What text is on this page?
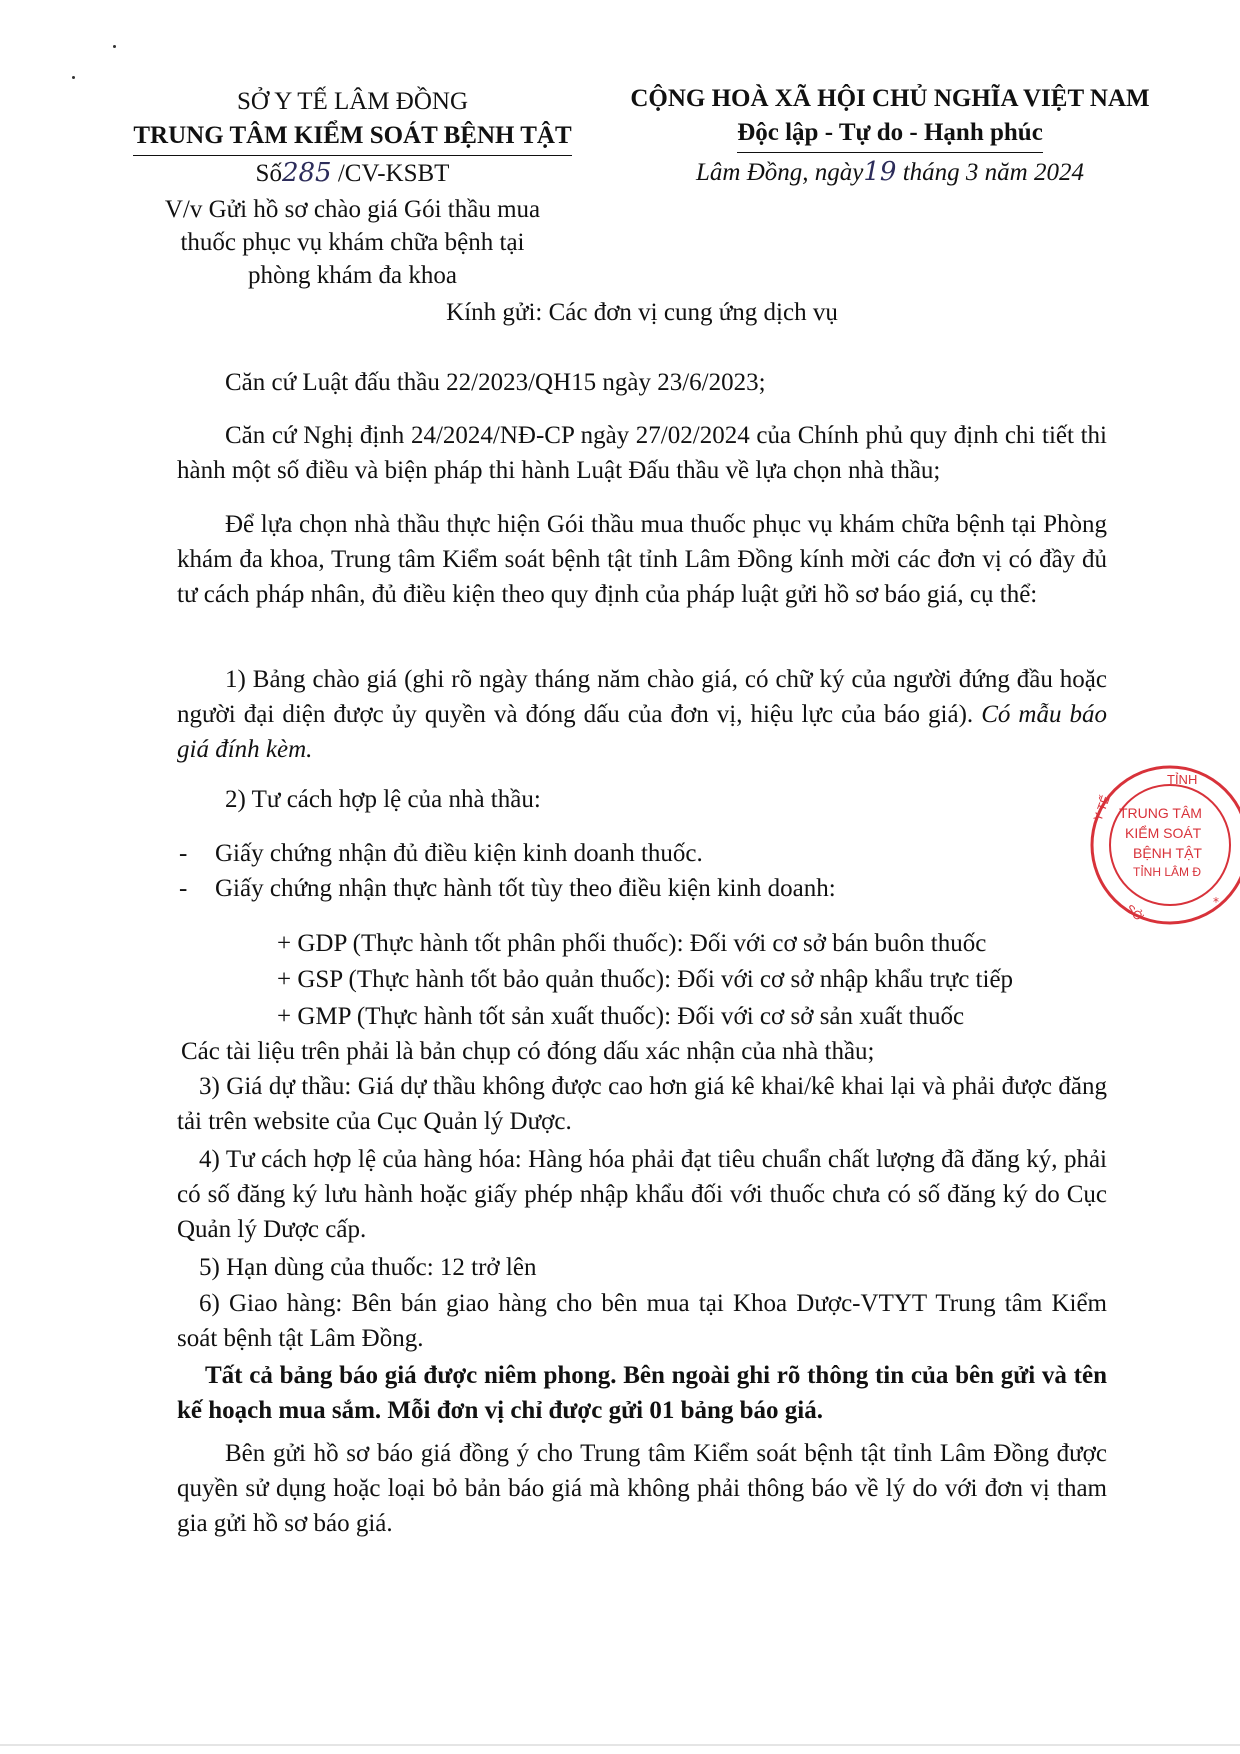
SỞ Y TẾ LÂM ĐỒNG
TRUNG TÂM KIỂM SOÁT BỆNH TẬT
Số285 /CV-KSBT
V/v Gửi hồ sơ chào giá Gói thầu mua
thuốc phục vụ khám chữa bệnh tại
phòng khám đa khoa
CỘNG HOÀ XÃ HỘI CHỦ NGHĨA VIỆT NAM
Độc lập - Tự do - Hạnh phúc
Lâm Đồng, ngày19 tháng 3 năm 2024
Kính gửi: Các đơn vị cung ứng dịch vụ
Căn cứ Luật đấu thầu 22/2023/QH15 ngày 23/6/2023;
Căn cứ Nghị định 24/2024/NĐ-CP ngày 27/02/2024 của Chính phủ quy định chi tiết thi hành một số điều và biện pháp thi hành Luật Đấu thầu về lựa chọn nhà thầu;
Để lựa chọn nhà thầu thực hiện Gói thầu mua thuốc phục vụ khám chữa bệnh tại Phòng khám đa khoa, Trung tâm Kiểm soát bệnh tật tỉnh Lâm Đồng kính mời các đơn vị có đầy đủ tư cách pháp nhân, đủ điều kiện theo quy định của pháp luật gửi hồ sơ báo giá, cụ thể:
1) Bảng chào giá (ghi rõ ngày tháng năm chào giá, có chữ ký của người đứng đầu hoặc người đại diện được ủy quyền và đóng dấu của đơn vị, hiệu lực của báo giá). Có mẫu báo giá đính kèm.
2) Tư cách hợp lệ của nhà thầu:
-	Giấy chứng nhận đủ điều kiện kinh doanh thuốc.
-	Giấy chứng nhận thực hành tốt tùy theo điều kiện kinh doanh:
+ GDP (Thực hành tốt phân phối thuốc): Đối với cơ sở bán buôn thuốc
+ GSP (Thực hành tốt bảo quản thuốc): Đối với cơ sở nhập khẩu trực tiếp
+ GMP (Thực hành tốt sản xuất thuốc): Đối với cơ sở sản xuất thuốc
Các tài liệu trên phải là bản chụp có đóng dấu xác nhận của nhà thầu;
3) Giá dự thầu: Giá dự thầu không được cao hơn giá kê khai/kê khai lại và phải được đăng tải trên website của Cục Quản lý Dược.
4) Tư cách hợp lệ của hàng hóa: Hàng hóa phải đạt tiêu chuẩn chất lượng đã đăng ký, phải có số đăng ký lưu hành hoặc giấy phép nhập khẩu đối với thuốc chưa có số đăng ký do Cục Quản lý Dược cấp.
5) Hạn dùng của thuốc: 12 trở lên
6) Giao hàng: Bên bán giao hàng cho bên mua tại Khoa Dược-VTYT Trung tâm Kiểm soát bệnh tật Lâm Đồng.
Tất cả bảng báo giá được niêm phong. Bên ngoài ghi rõ thông tin của bên gửi và tên kế hoạch mua sắm. Mỗi đơn vị chỉ được gửi 01 bảng báo giá.
Bên gửi hồ sơ báo giá đồng ý cho Trung tâm Kiểm soát bệnh tật tỉnh Lâm Đồng được quyền sử dụng hoặc loại bỏ bản báo giá mà không phải thông báo về lý do với đơn vị tham gia gửi hồ sơ báo giá.
TỈNH
TRUNG TÂM
KIỂM SOÁT
BỆNH TẬT
TỈNH LÂM Đ
Y TẾ
SỞ	*
